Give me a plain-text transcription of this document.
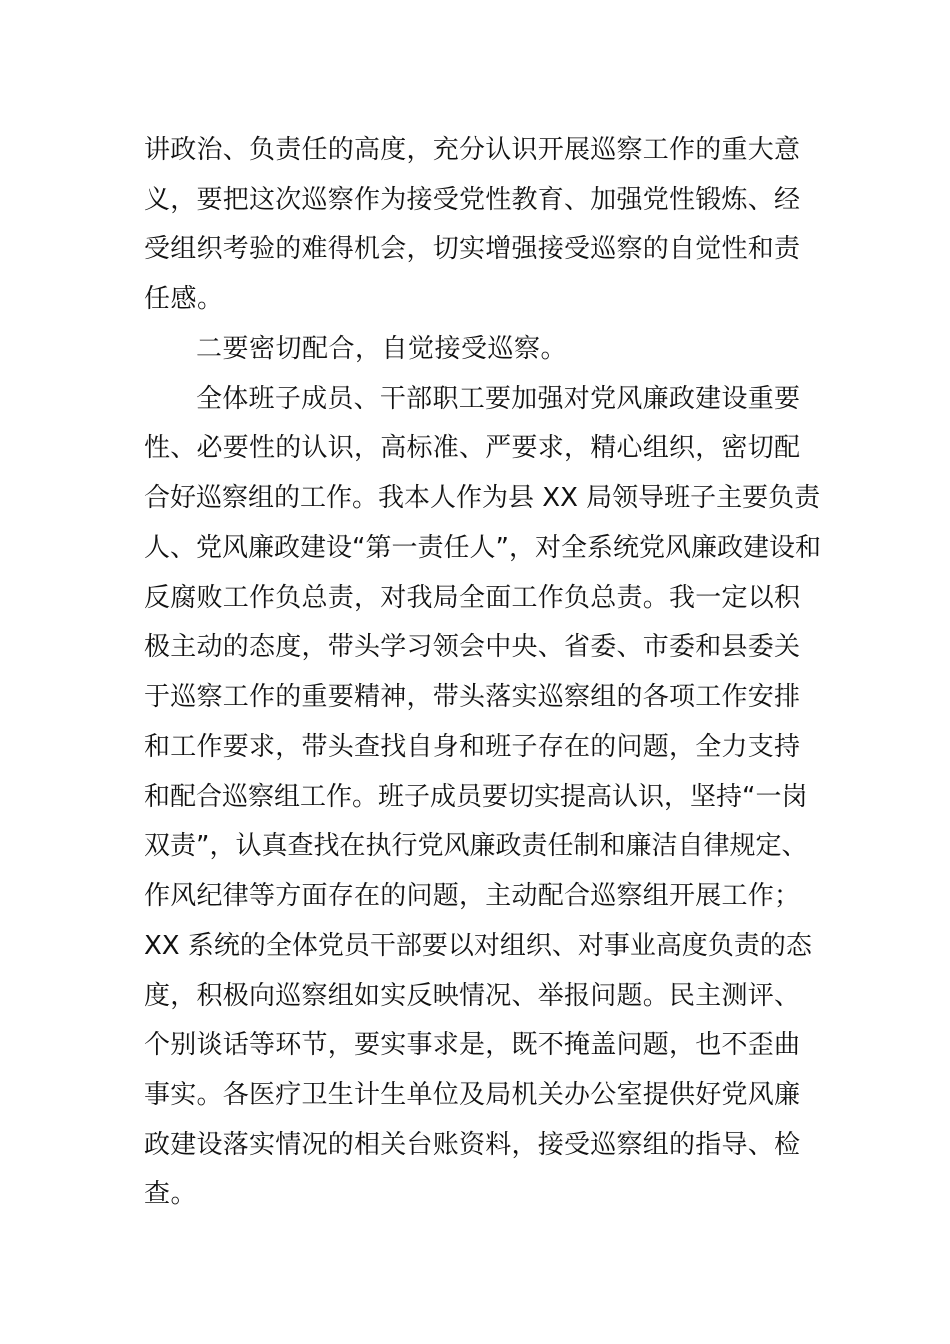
讲政治、负责任的高度，充分认识开展巡察工作的重大意

义，要把这次巡察作为接受党性教育、加强党性锻炼、经

受组织考验的难得机会，切实增强接受巡察的自觉性和责

任感。

二要密切配合，自觉接受巡察。

全体班子成员、干部职工要加强对党风廉政建设重要

性、必要性的认识，高标准、严要求，精心组织，密切配

合好巡察组的工作。我本人作为县 XX 局领导班子主要负责

人、党风廉政建设“第一责任人”，对全系统党风廉政建设和

反腐败工作负总责，对我局全面工作负总责。我一定以积

极主动的态度，带头学习领会中央、省委、市委和县委关

于巡察工作的重要精神，带头落实巡察组的各项工作安排

和工作要求，带头查找自身和班子存在的问题，全力支持

和配合巡察组工作。班子成员要切实提高认识，坚持“一岗

双责”，认真查找在执行党风廉政责任制和廉洁自律规定、

作风纪律等方面存在的问题，主动配合巡察组开展工作；

XX 系统的全体党员干部要以对组织、对事业高度负责的态

度，积极向巡察组如实反映情况、举报问题。民主测评、

个别谈话等环节，要实事求是，既不掩盖问题，也不歪曲

事实。各医疗卫生计生单位及局机关办公室提供好党风廉

政建设落实情况的相关台账资料，接受巡察组的指导、检

查。
